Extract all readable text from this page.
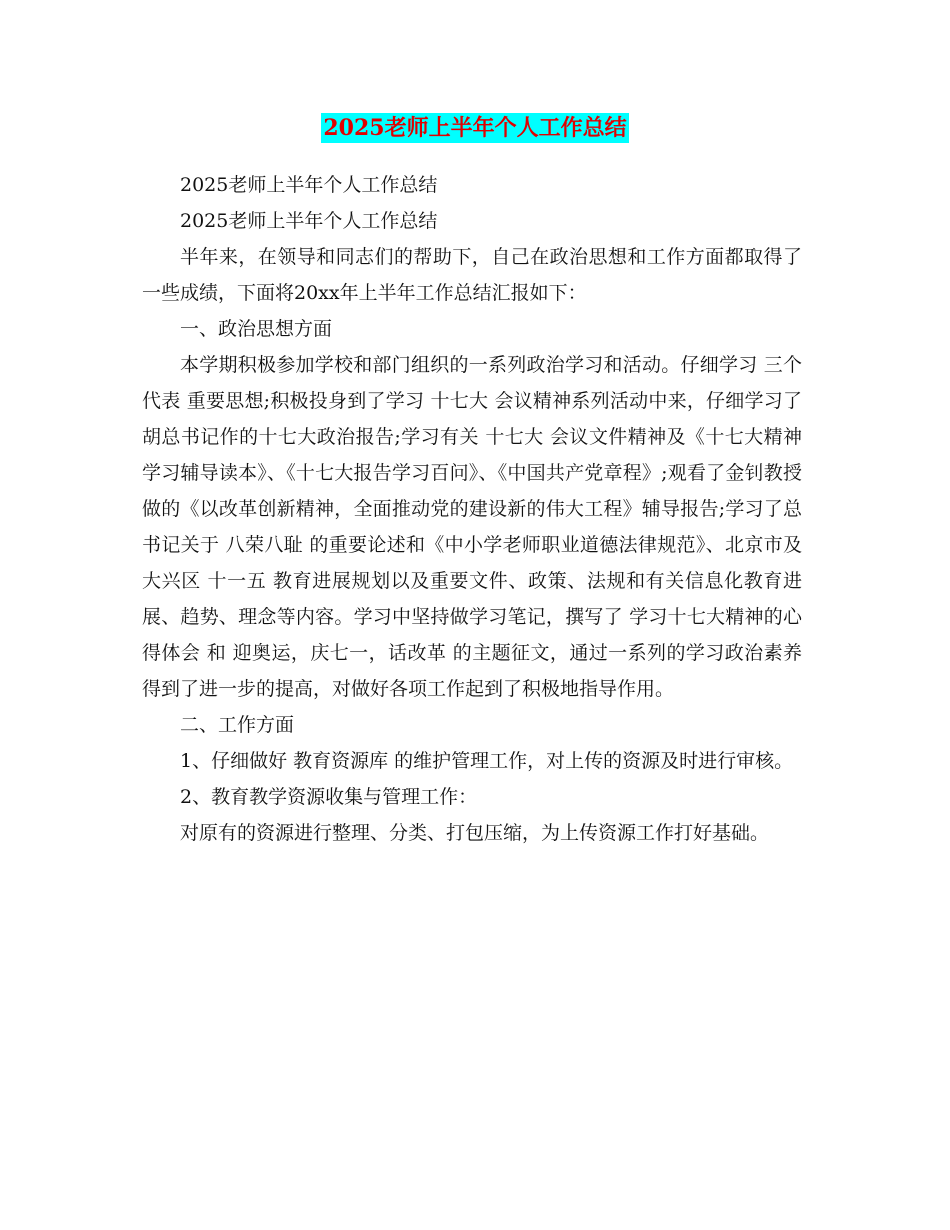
2025老师上半年个人工作总结

2025老师上半年个人工作总结

2025老师上半年个人工作总结

半年来，在领导和同志们的帮助下，自己在政治思想和工作方面都取得了一些成绩，下面将20xx年上半年工作总结汇报如下：

一、政治思想方面

本学期积极参加学校和部门组织的一系列政治学习和活动。仔细学习 三个代表 重要思想;积极投身到了学习 十七大 会议精神系列活动中来，仔细学习了胡总书记作的十七大政治报告;学习有关 十七大 会议文件精神及《十七大精神学习辅导读本》、《十七大报告学习百问》、《中国共产党章程》;观看了金钊教授做的《以改革创新精神，全面推动党的建设新的伟大工程》辅导报告;学习了总书记关于 八荣八耻 的重要论述和《中小学老师职业道德法律规范》、北京市及大兴区 十一五 教育进展规划以及重要文件、政策、法规和有关信息化教育进展、趋势、理念等内容。学习中坚持做学习笔记，撰写了 学习十七大精神的心得体会 和 迎奥运，庆七一，话改革 的主题征文，通过一系列的学习政治素养得到了进一步的提高，对做好各项工作起到了积极地指导作用。

二、工作方面

1、仔细做好 教育资源库 的维护管理工作，对上传的资源及时进行审核。

2、教育教学资源收集与管理工作：

对原有的资源进行整理、分类、打包压缩，为上传资源工作打好基础。
